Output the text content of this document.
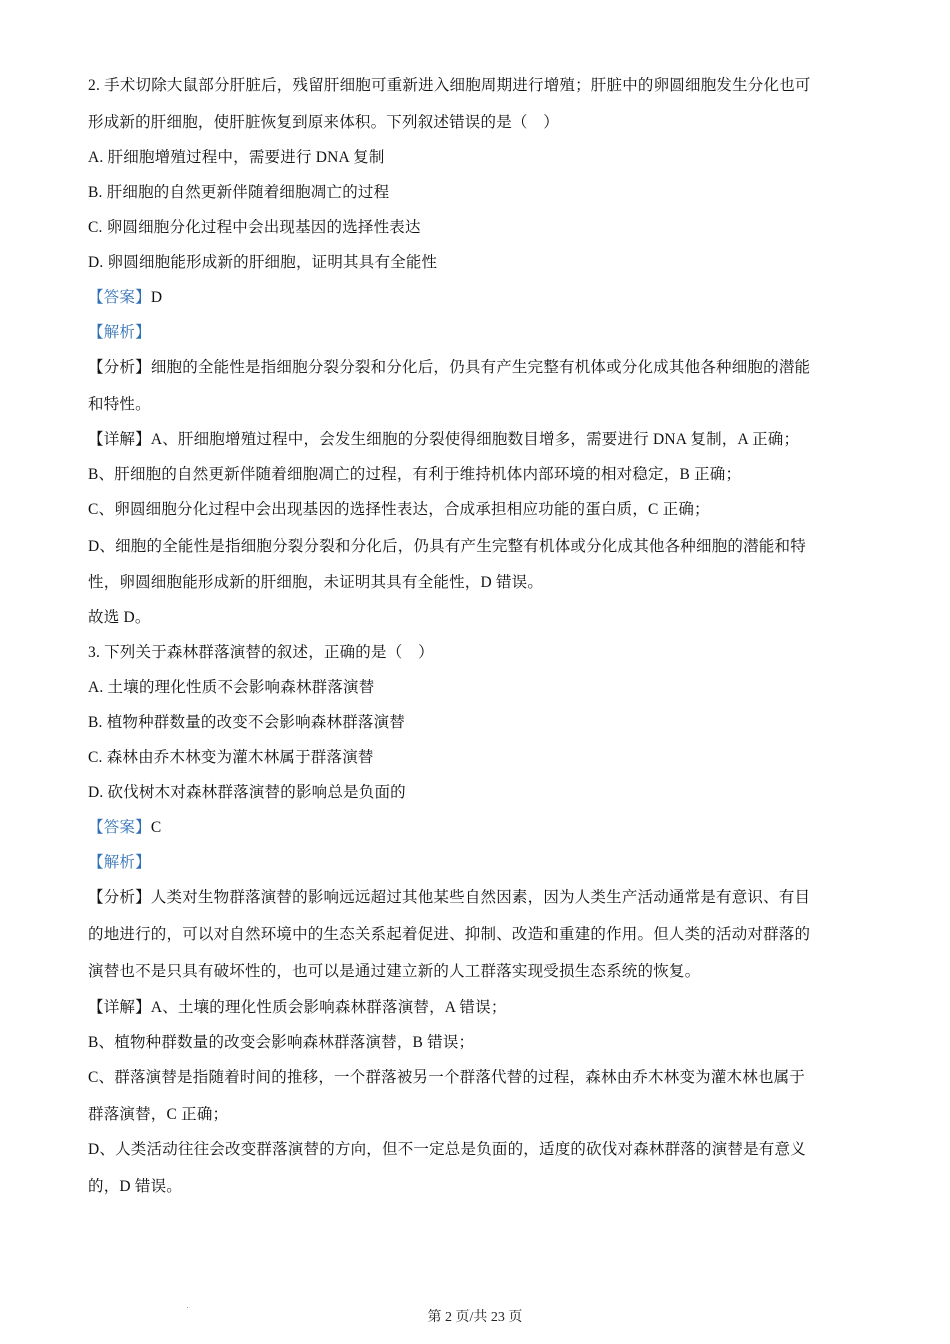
2. 手术切除大鼠部分肝脏后，残留肝细胞可重新进入细胞周期进行增殖；肝脏中的卵圆细胞发生分化也可
形成新的肝细胞，使肝脏恢复到原来体积。下列叙述错误的是（　）
A. 肝细胞增殖过程中，需要进行 DNA 复制
B. 肝细胞的自然更新伴随着细胞凋亡的过程
C. 卵圆细胞分化过程中会出现基因的选择性表达
D. 卵圆细胞能形成新的肝细胞，证明其具有全能性
【答案】D
【解析】
【分析】细胞的全能性是指细胞分裂分裂和分化后，仍具有产生完整有机体或分化成其他各种细胞的潜能
和特性。
【详解】A、肝细胞增殖过程中，会发生细胞的分裂使得细胞数目增多，需要进行 DNA 复制，A 正确；
B、肝细胞的自然更新伴随着细胞凋亡的过程，有利于维持机体内部环境的相对稳定，B 正确；
C、卵圆细胞分化过程中会出现基因的选择性表达，合成承担相应功能的蛋白质，C 正确；
D、细胞的全能性是指细胞分裂分裂和分化后，仍具有产生完整有机体或分化成其他各种细胞的潜能和特
性，卵圆细胞能形成新的肝细胞，未证明其具有全能性，D 错误。
故选 D。
3. 下列关于森林群落演替的叙述，正确的是（　）
A. 土壤的理化性质不会影响森林群落演替
B. 植物种群数量的改变不会影响森林群落演替
C. 森林由乔木林变为灌木林属于群落演替
D. 砍伐树木对森林群落演替的影响总是负面的
【答案】C
【解析】
【分析】人类对生物群落演替的影响远远超过其他某些自然因素，因为人类生产活动通常是有意识、有目
的地进行的，可以对自然环境中的生态关系起着促进、抑制、改造和重建的作用。但人类的活动对群落的
演替也不是只具有破坏性的，也可以是通过建立新的人工群落实现受损生态系统的恢复。
【详解】A、土壤的理化性质会影响森林群落演替，A 错误；
B、植物种群数量的改变会影响森林群落演替，B 错误；
C、群落演替是指随着时间的推移，一个群落被另一个群落代替的过程，森林由乔木林变为灌木林也属于
群落演替，C 正确；
D、人类活动往往会改变群落演替的方向，但不一定总是负面的，适度的砍伐对森林群落的演替是有意义
的，D 错误。
第 2 页/共 23 页
